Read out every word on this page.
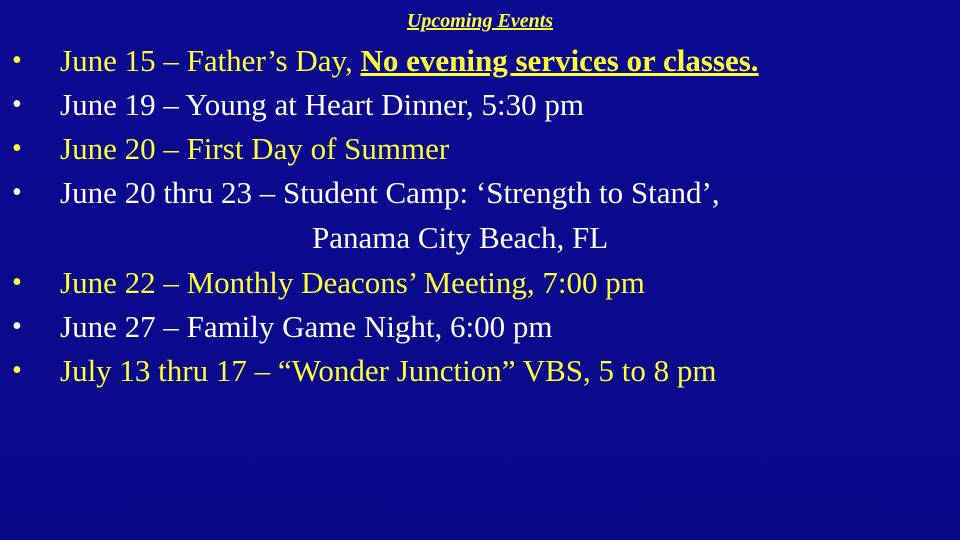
Upcoming Events
• June 15 – Father’s Day, No evening services or classes.
• June 19 – Young at Heart Dinner, 5:30 pm
• June 20 – First Day of Summer
• June 20 thru 23 – Student Camp: ‘Strength to Stand’,
Panama City Beach, FL
• June 22 – Monthly Deacons’ Meeting, 7:00 pm
• June 27 – Family Game Night, 6:00 pm
• July 13 thru 17 – “Wonder Junction” VBS, 5 to 8 pm
